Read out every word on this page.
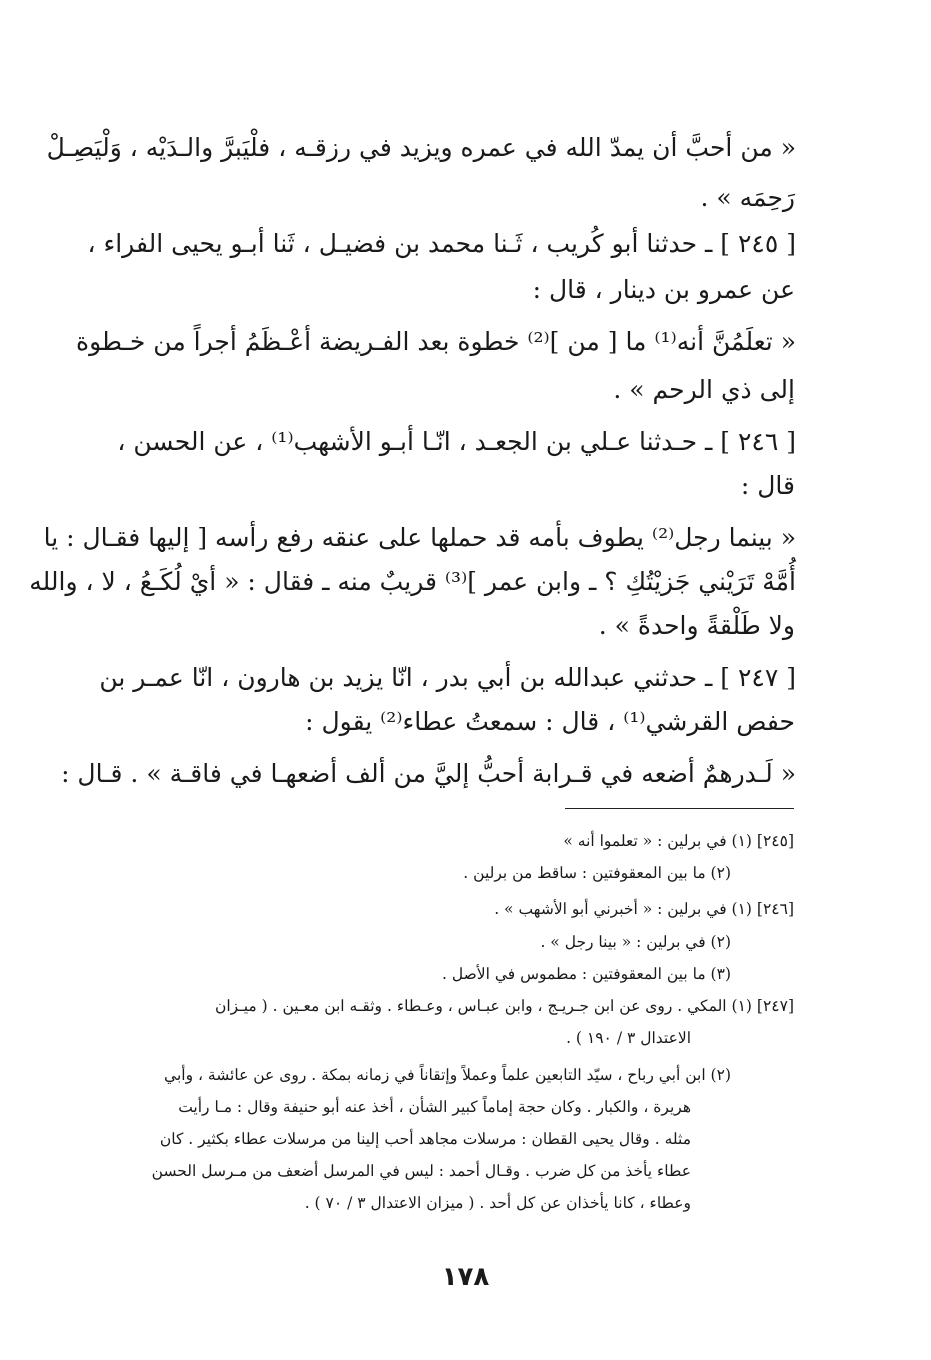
« من أحبَّ أن يمدّ الله في عمره ويزيد في رزقـه ، فلْيَبرَّ والـدَيْه ، وَلْيَصِـلْ
رَحِمَه » .
[ ٢٤٥ ] ـ حدثنا أبو كُريب ، ثَـنا محمد بن فضيـل ، ثَنا أبـو يحيى الفراء ،
عن عمرو بن دينار ، قال :
« تعلَمُنَّ أنه⁽¹⁾ ما [ من ]⁽²⁾ خطوة بعد الفـريضة أعْـظَمُ أجراً من خـطوة
إلى ذي الرحم » .
[ ٢٤٦ ] ـ حـدثنا عـلي بن الجعـد ، انّـا أبـو الأشهب⁽¹⁾ ، عن الحسن ،
قال :
« بينما رجل⁽²⁾ يطوف بأمه قد حملها على عنقه رفع رأسه [ إليها فقـال : يا
أُمَّهْ تَرَيْني جَزيْتُكِ ؟ ـ وابن عمر ]⁽³⁾ قريبٌ منه ـ فقال : « أيْ لُكَـعُ ، لا ، والله
ولا طَلْقةً واحدةً » .
[ ٢٤٧ ] ـ حدثني عبدالله بن أبي بدر ، انّا يزيد بن هارون ، انّا عمـر بن
حفص القرشي⁽¹⁾ ، قال : سمعتُ عطاء⁽²⁾ يقول :
« لَـدرهمٌ أضعه في قـرابة أحبُّ إليَّ من ألف أضعهـا في فاقـة » . قـال :
[٢٤٥] (١) في برلين : « تعلموا أنه »
(٢) ما بين المعقوفتين : ساقط من برلين .
[٢٤٦] (١) في برلين : « أخبرني أبو الأشهب » .
(٢) في برلين : « بينا رجل » .
(٣) ما بين المعقوفتين : مطموس في الأصل .
[٢٤٧] (١) المكي . روى عن ابن جـريـج ، وابن عبـاس ، وعـطاء . وثقـه ابن معـين . ( ميـزان
الاعتدال ٣ / ١٩٠ ) .
(٢) ابن أبي رباح ، سيّد التابعين علماً وعملاً وإتقاناً في زمانه بمكة . روى عن عائشة ، وأبي
هريرة ، والكبار . وكان حجة إماماً كبير الشأن ، أخذ عنه أبو حنيفة وقال : مـا رأيت
مثله . وقال يحيى القطان : مرسلات مجاهد أحب إلينا من مرسلات عطاء بكثير . كان
عطاء يأخذ من كل ضرب . وقـال أحمد : ليس في المرسل أضعف من مـرسل الحسن
وعطاء ، كانا يأخذان عن كل أحد . ( ميزان الاعتدال ٣ / ٧٠ ) .
١٧٨
